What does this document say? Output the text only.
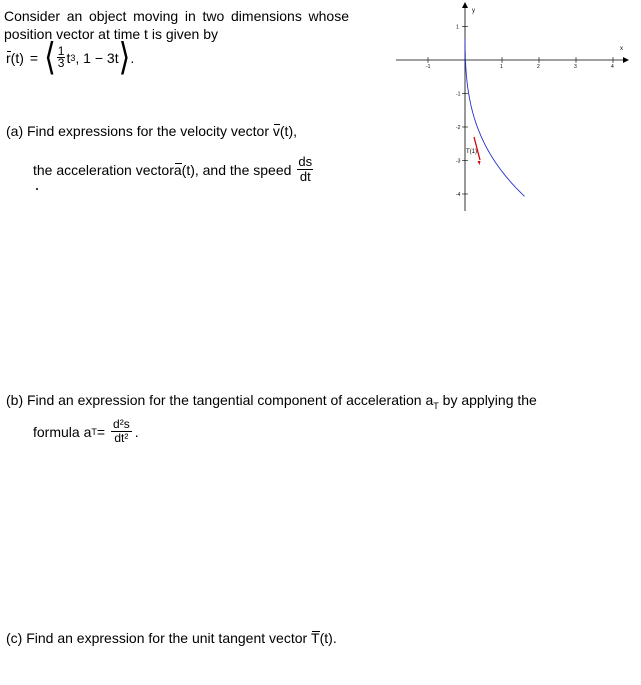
Consider an object moving in two dimensions whose position vector at time t is given by
r (t) = ⟨ $\frac{1}{3}$ t 3 , 1 − 3t ⟩ .
(a) Find expressions for the velocity vector v(t),
the acceleration vector a (t), and the speed $\frac{ds}{dt}$
(b) Find an expression for the tangential component of acceleration $a_T$ by applying the
formula a $T = \frac{\text{d²s}}{\text{dt²}}$ .
(c) Find an expression for the unit tangent vector T(t).
x
y
-1	1	2	3	4
1
-1
-2
-3
-4
T(1)
